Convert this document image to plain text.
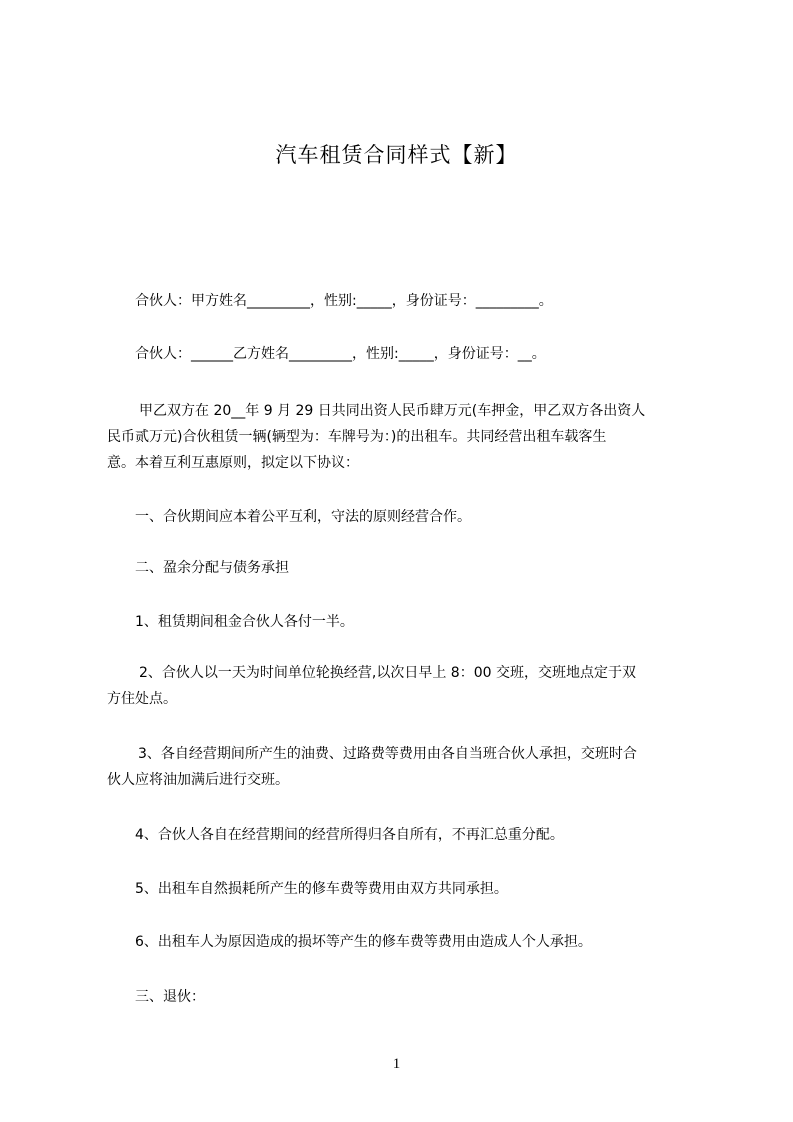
汽车租赁合同样式【新】
合伙人：甲方姓名_________，性别:_____，身份证号：_________。
合伙人：______乙方姓名_________，性别:_____，身份证号：__。
甲乙双方在 20__年 9 月 29 日共同出资人民币肆万元(车押金，甲乙双方各出资人
民币贰万元)合伙租赁一辆(辆型为：车牌号为：)的出租车。共同经营出租车载客生
意。本着互利互惠原则，拟定以下协议：
一、合伙期间应本着公平互利，守法的原则经营合作。
二、盈余分配与债务承担
1、租赁期间租金合伙人各付一半。
2、合伙人以一天为时间单位轮换经营,以次日早上 8：00 交班，交班地点定于双
方住处点。
3、各自经营期间所产生的油费、过路费等费用由各自当班合伙人承担，交班时合
伙人应将油加满后进行交班。
4、合伙人各自在经营期间的经营所得归各自所有，不再汇总重分配。
5、出租车自然损耗所产生的修车费等费用由双方共同承担。
6、出租车人为原因造成的损坏等产生的修车费等费用由造成人个人承担。
三、退伙：
1
